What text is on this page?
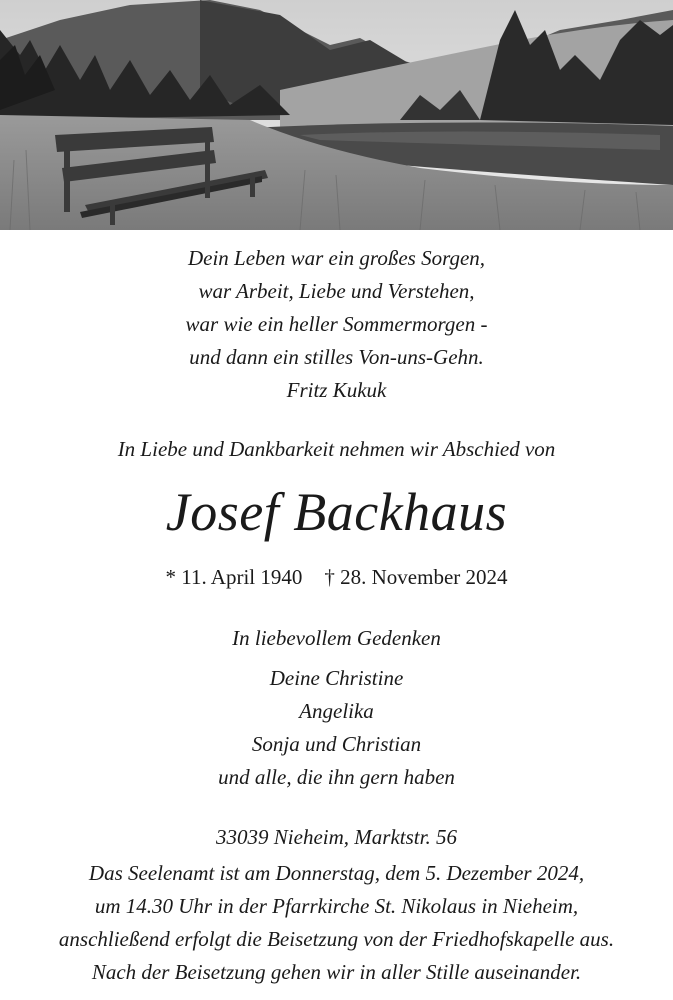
Dein Leben war ein großes Sorgen,
war Arbeit, Liebe und Verstehen,
war wie ein heller Sommermorgen -
und dann ein stilles Von-uns-Gehn.
Fritz Kukuk
In Liebe und Dankbarkeit nehmen wir Abschied von
Josef Backhaus
* 11. April 1940 † 28. November 2024
In liebevollem Gedenken
Deine Christine
Angelika
Sonja und Christian
und alle, die ihn gern haben
33039 Nieheim, Marktstr. 56
Das Seelenamt ist am Donnerstag, dem 5. Dezember 2024,
um 14.30 Uhr in der Pfarrkirche St. Nikolaus in Nieheim,
anschließend erfolgt die Beisetzung von der Friedhofskapelle aus.
Nach der Beisetzung gehen wir in aller Stille auseinander.
